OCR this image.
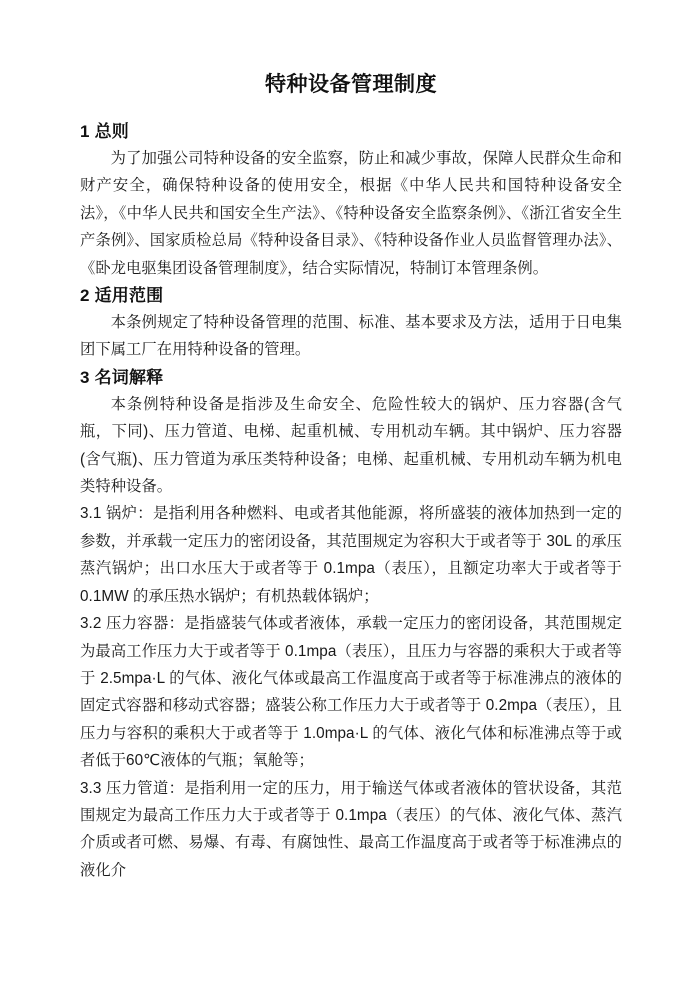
特种设备管理制度
1 总则

为了加强公司特种设备的安全监察，防止和减少事故，保障人民群众生命和财产安全，确保特种设备的使用安全，根据《中华人民共和国特种设备安全法》，《中华人民共和国安全生产法》、《特种设备安全监察条例》、《浙江省安全生产条例》、国家质检总局《特种设备目录》、《特种设备作业人员监督管理办法》、《卧龙电驱集团设备管理制度》，结合实际情况，特制订本管理条例。

2 适用范围

本条例规定了特种设备管理的范围、标准、基本要求及方法，适用于日电集团下属工厂在用特种设备的管理。

3 名词解释

本条例特种设备是指涉及生命安全、危险性较大的锅炉、压力容器(含气瓶，下同)、压力管道、电梯、起重机械、专用机动车辆。其中锅炉、压力容器(含气瓶)、压力管道为承压类特种设备；电梯、起重机械、专用机动车辆为机电类特种设备。

3.1 锅炉：是指利用各种燃料、电或者其他能源，将所盛装的液体加热到一定的参数，并承载一定压力的密闭设备，其范围规定为容积大于或者等于 30L 的承压蒸汽锅炉；出口水压大于或者等于 0.1mpa（表压），且额定功率大于或者等于 0.1MW 的承压热水锅炉；有机热载体锅炉；

3.2 压力容器：是指盛装气体或者液体，承载一定压力的密闭设备，其范围规定为最高工作压力大于或者等于 0.1mpa（表压），且压力与容器的乘积大于或者等于 2.5mpa·L 的气体、液化气体或最高工作温度高于或者等于标准沸点的液体的固定式容器和移动式容器；盛装公称工作压力大于或者等于 0.2mpa（表压），且压力与容积的乘积大于或者等于 1.0mpa·L 的气体、液化气体和标准沸点等于或者低于60℃液体的气瓶；氧舱等；

3.3 压力管道：是指利用一定的压力，用于输送气体或者液体的管状设备，其范围规定为最高工作压力大于或者等于 0.1mpa（表压）的气体、液化气体、蒸汽介质或者可燃、易爆、有毒、有腐蚀性、最高工作温度高于或者等于标准沸点的液化介
